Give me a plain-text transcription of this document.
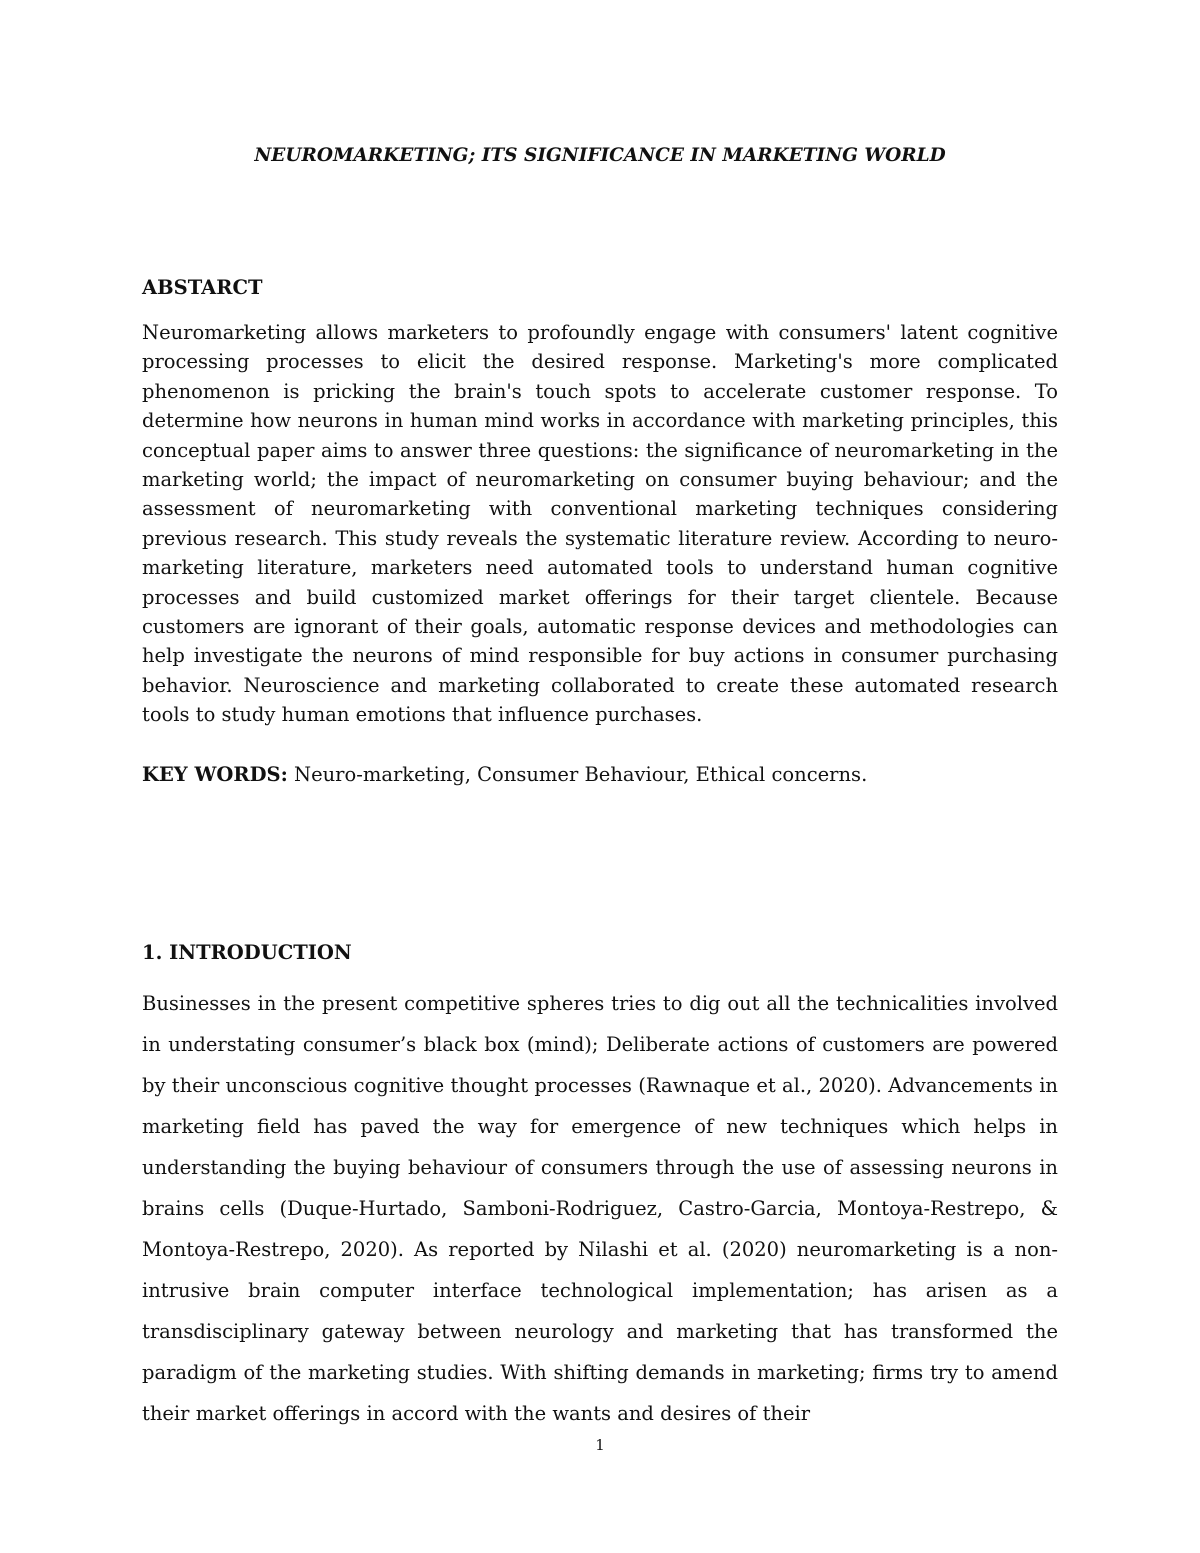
NEUROMARKETING; ITS SIGNIFICANCE IN MARKETING WORLD
ABSTARCT

Neuromarketing allows marketers to profoundly engage with consumers' latent cognitive processing processes to elicit the desired response. Marketing's more complicated phenomenon is pricking the brain's touch spots to accelerate customer response. To determine how neurons in human mind works in accordance with marketing principles, this conceptual paper aims to answer three questions: the significance of neuromarketing in the marketing world; the impact of neuromarketing on consumer buying behaviour; and the assessment of neuromarketing with conventional marketing techniques considering previous research. This study reveals the systematic literature review. According to neuro-marketing literature, marketers need automated tools to understand human cognitive processes and build customized market offerings for their target clientele. Because customers are ignorant of their goals, automatic response devices and methodologies can help investigate the neurons of mind responsible for buy actions in consumer purchasing behavior. Neuroscience and marketing collaborated to create these automated research tools to study human emotions that influence purchases.

KEY WORDS: Neuro-marketing, Consumer Behaviour, Ethical concerns.

1. INTRODUCTION

Businesses in the present competitive spheres tries to dig out all the technicalities involved in understating consumer’s black box (mind); Deliberate actions of customers are powered by their unconscious cognitive thought processes (Rawnaque et al., 2020). Advancements in marketing field has paved the way for emergence of new techniques which helps in understanding the buying behaviour of consumers through the use of assessing neurons in brains cells (Duque-Hurtado, Samboni-Rodriguez, Castro-Garcia, Montoya-Restrepo, & Montoya-Restrepo, 2020). As reported by Nilashi et al. (2020) neuromarketing is a non-intrusive brain computer interface technological implementation; has arisen as a transdisciplinary gateway between neurology and marketing that has transformed the paradigm of the marketing studies. With shifting demands in marketing; firms try to amend their market offerings in accord with the wants and desires of their

1
